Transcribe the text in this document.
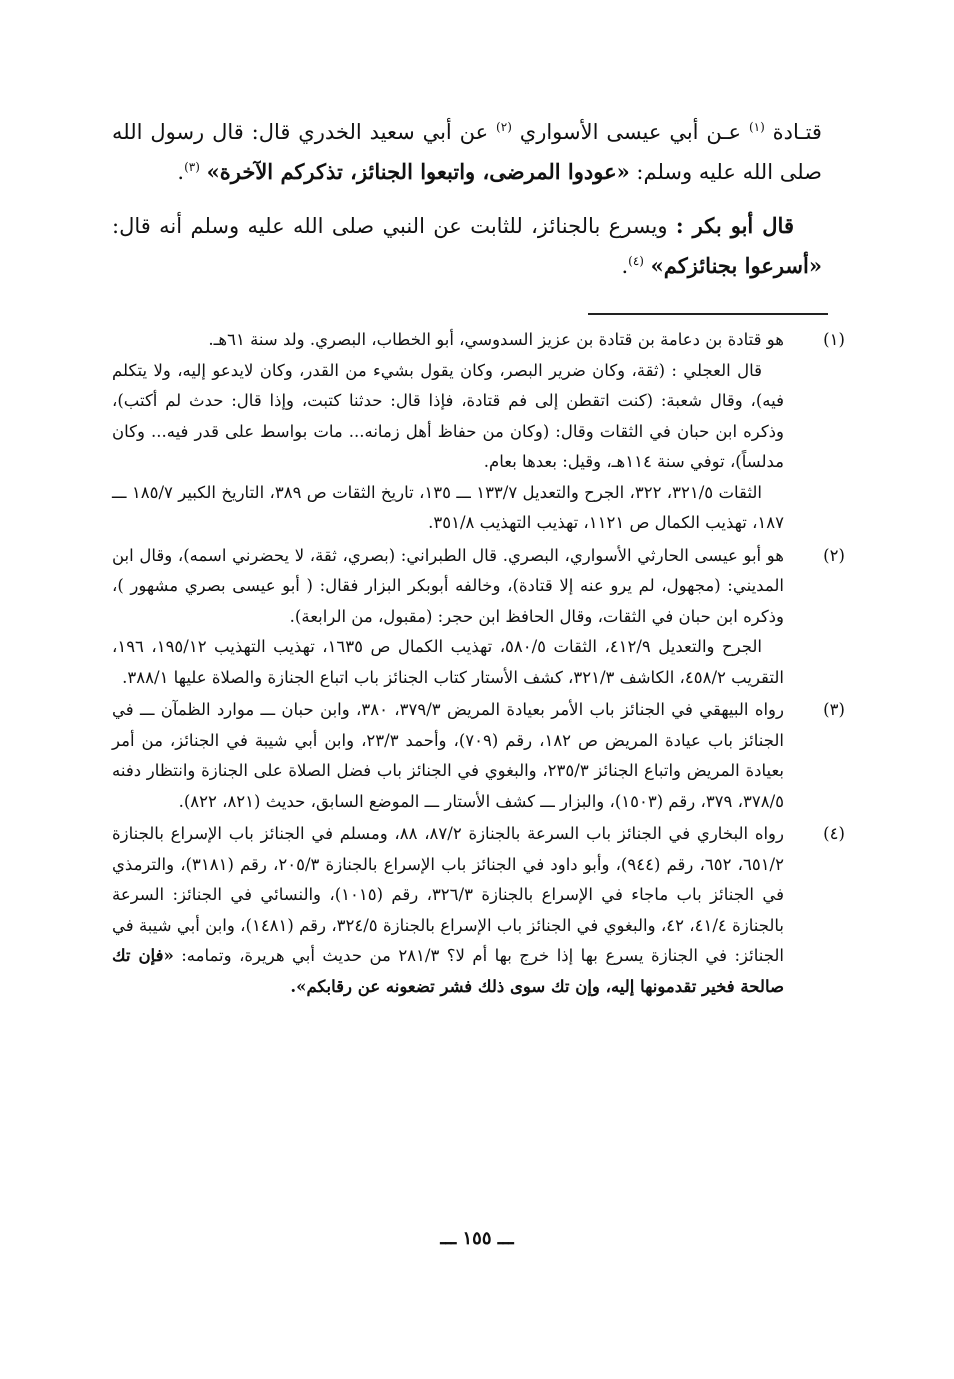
قتـادة $^{(١)}$ عـن أبي عيسى الأسواري $^{(٢)}$ عن أبي سعيد الخدري قال: قال رسول الله صلى الله عليه وسلم: «عودوا المرضى، واتبعوا الجنائز، تذكركم الآخرة» $^{(٣)}$.

قال أبو بكر : ويسرع بالجنائز، للثابت عن النبي صلى الله عليه وسلم أنه قال: «أسرعوا بجنائزكم» $^{(٤)}$.

(١)

هو قتادة بن دعامة بن قتادة بن عزيز السدوسي، أبو الخطاب، البصري. ولد سنة ٦١هـ.

قال العجلي : (ثقة، وكان ضرير البصر، وكان يقول بشيء من القدر، وكان لايدعو إليه، ولا يتكلم فيه)، وقال شعبة: (كنت اتقطن إلى فم قتادة، فإذا قال: حدثنا كتبت، وإذا قال: حدث لم أكتب)، وذكره ابن حبان في الثقات وقال: (وكان من حفاظ أهل زمانه... مات بواسط على قدر فيه... وكان مدلساً)، توفي سنة ١١٤هـ، وقيل: بعدها بعام.

الثقات ٣٢١/٥، ٣٢٢، الجرح والتعديل ١٣٣/٧ ـــ ١٣٥، تاريخ الثقات ص ٣٨٩، التاريخ الكبير ١٨٥/٧ ـــ ١٨٧، تهذيب الكمال ص ١١٢١، تهذيب التهذيب ٣٥١/٨.

(٢)

هو أبو عيسى الحارثي الأسواري، البصري. قال الطبراني: (بصري، ثقة، لا يحضرني اسمه)، وقال ابن المديني: (مجهول، لم يرو عنه إلا قتادة)، وخالفه أبوبكر البزار فقال: ( أبو عيسى بصري مشهور )، وذكره ابن حبان في الثقات، وقال الحافظ ابن حجر: (مقبول، من الرابعة).

الجرح والتعديل ٤١٢/٩، الثقات ٥٨٠/٥، تهذيب الكمال ص ١٦٣٥، تهذيب التهذيب ١٩٥/١٢، ١٩٦، التقريب ٤٥٨/٢، الكاشف ٣٢١/٣، كشف الأستار كتاب الجنائز باب اتباع الجنازة والصلاة عليها ٣٨٨/١.

(٣)

رواه البيهقي في الجنائز باب الأمر بعيادة المريض ٣٧٩/٣، ٣٨٠، وابن حبان ـــ موارد الظمآن ـــ في الجنائز باب عيادة المريض ص ١٨٢، رقم (٧٠٩)، وأحمد ٢٣/٣، وابن أبي شيبة في الجنائز، من أمر بعيادة المريض واتباع الجنائز ٢٣٥/٣، والبغوي في الجنائز باب فضل الصلاة على الجنازة وانتظار دفنه ٣٧٨/٥، ٣٧٩، رقم (١٥٠٣)، والبزار ـــ كشف الأستار ـــ الموضع السابق، حديث (٨٢١، ٨٢٢).

(٤)

رواه البخاري في الجنائز باب السرعة بالجنازة ٨٧/٢، ٨٨، ومسلم في الجنائز باب الإسراع بالجنازة ٦٥١/٢، ٦٥٢، رقم (٩٤٤)، وأبو داود في الجنائز باب الإسراع بالجنازة ٢٠٥/٣، رقم (٣١٨١)، والترمذي في الجنائز باب ماجاء في الإسراع بالجنازة ٣٢٦/٣، رقم (١٠١٥)، والنسائي في الجنائز: السرعة بالجنازة ٤١/٤، ٤٢، والبغوي في الجنائز باب الإسراع بالجنازة ٣٢٤/٥، رقم (١٤٨١)، وابن أبي شيبة في الجنائز: في الجنازة يسرع بها إذا خرج بها أم لا؟ ٢٨١/٣ من حديث أبي هريرة، وتمامه: «فإن تك صالحة فخير تقدمونها إليه، وإن تك سوى ذلك فشر تضعونه عن رقابكم».

ـــ ١٥٥ ـــ
